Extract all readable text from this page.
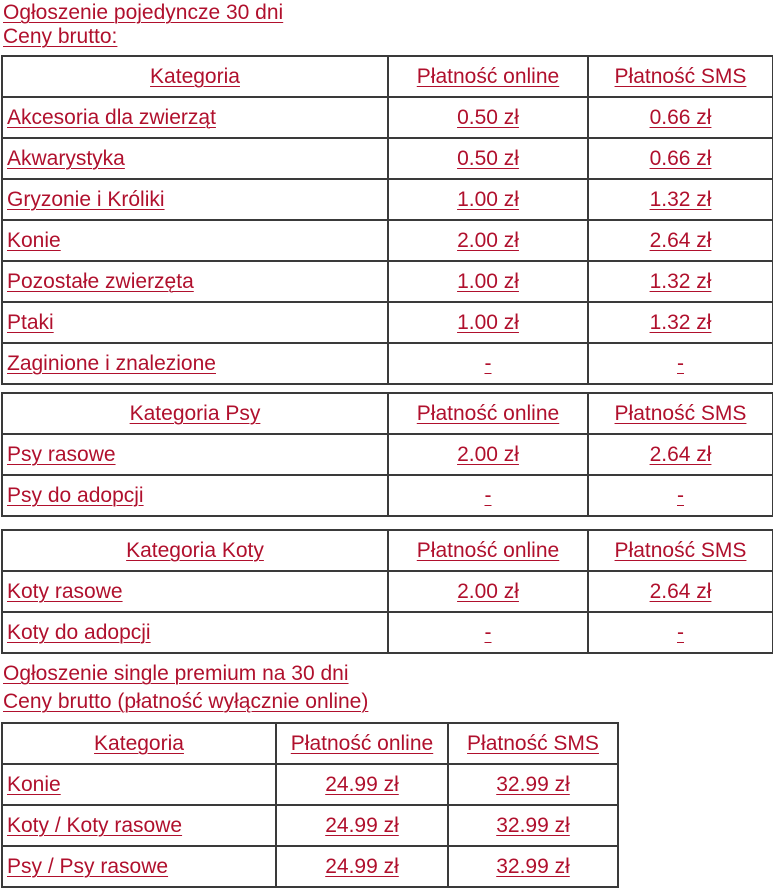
Ogłoszenie pojedyncze 30 dni
Ceny brutto:
Kategoria	Płatność online	Płatność SMS
Akcesoria dla zwierząt	0.50 zł	0.66 zł
Akwarystyka	0.50 zł	0.66 zł
Gryzonie i Króliki	1.00 zł	1.32 zł
Konie	2.00 zł	2.64 zł
Pozostałe zwierzęta	1.00 zł	1.32 zł
Ptaki	1.00 zł	1.32 zł
Zaginione i znalezione	-	-
Kategoria Psy	Płatność online	Płatność SMS
Psy rasowe	2.00 zł	2.64 zł
Psy do adopcji	-	-
Kategoria Koty	Płatność online	Płatność SMS
Koty rasowe	2.00 zł	2.64 zł
Koty do adopcji	-	-
Ogłoszenie single premium na 30 dni
Ceny brutto (płatność wyłącznie online)
Kategoria	Płatność online	Płatność SMS
Konie	24.99 zł	32.99 zł
Koty / Koty rasowe	24.99 zł	32.99 zł
Psy / Psy rasowe	24.99 zł	32.99 zł
